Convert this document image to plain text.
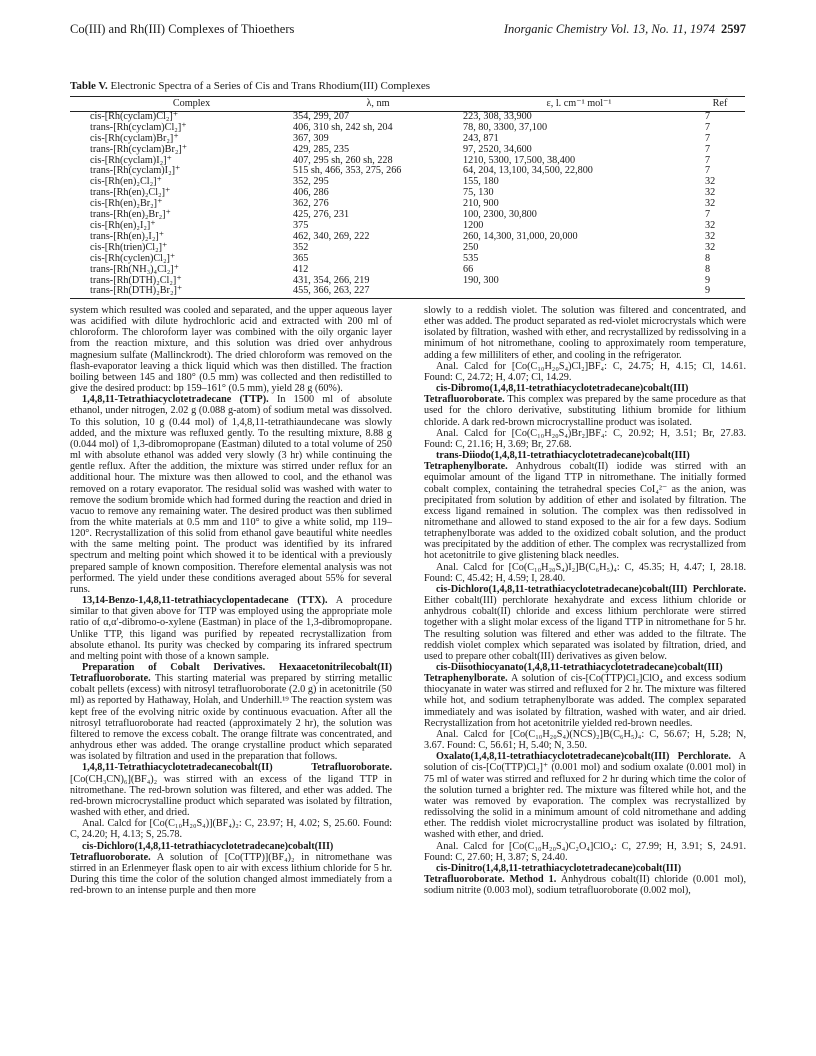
Co(III) and Rh(III) Complexes of Thioethers	Inorganic Chemistry Vol. 13, No. 11, 1974 2597
Table V. Electronic Spectra of a Series of Cis and Trans Rhodium(III) Complexes
Complex	λ, nm	ε, l. cm⁻¹ mol⁻¹	Ref
cis-[Rh(cyclam)Cl₂]⁺	354, 299, 207	223, 308, 33,900	7
trans-[Rh(cyclam)Cl₂]⁺	406, 310 sh, 242 sh, 204	78, 80, 3300, 37,100	7
cis-[Rh(cyclam)Br₂]⁺	367, 309	243, 871	7
trans-[Rh(cyclam)Br₂]⁺	429, 285, 235	97, 2520, 34,600	7
cis-[Rh(cyclam)I₂]⁺	407, 295 sh, 260 sh, 228	1210, 5300, 17,500, 38,400	7
trans-[Rh(cyclam)I₂]⁺	515 sh, 466, 353, 275, 266	64, 204, 13,100, 34,500, 22,800	7
cis-[Rh(en)₂Cl₂]⁺	352, 295	155, 180	32
trans-[Rh(en)₂Cl₂]⁺	406, 286	75, 130	32
cis-[Rh(en)₂Br₂]⁺	362, 276	210, 900	32
trans-[Rh(en)₂Br₂]⁺	425, 276, 231	100, 2300, 30,800	7
cis-[Rh(en)₂I₂]⁺	375	1200	32
trans-[Rh(en)₂I₂]⁺	462, 340, 269, 222	260, 14,300, 31,000, 20,000	32
cis-[Rh(trien)Cl₂]⁺	352	250	32
cis-[Rh(cyclen)Cl₂]⁺	365	535	8
trans-[Rh(NH₃)₄Cl₂]⁺	412	66	8
trans-[Rh(DTH)₂Cl₂]⁺	431, 354, 266, 219	190, 300	9
trans-[Rh(DTH)₂Br₂]⁺	455, 366, 263, 227		9

system which resulted was cooled and separated, and the upper aqueous layer was acidified with dilute hydrochloric acid and extracted with 200 ml of chloroform. The chloroform layer was combined with the oily organic layer from the reaction mixture, and this solution was dried over anhydrous magnesium sulfate (Mallinckrodt). The dried chloroform was removed on the flash-evaporator leaving a thick liquid which was then distilled. The fraction boiling between 145 and 180° (0.5 mm) was collected and then redistilled to give the desired product: bp 159–161° (0.5 mm), yield 28 g (60%).

1,4,8,11-Tetrathiacyclotetradecane (TTP). In 1500 ml of absolute ethanol, under nitrogen, 2.02 g (0.088 g-atom) of sodium metal was dissolved. To this solution, 10 g (0.44 mol) of 1,4,8,11-tetrathiaundecane was slowly added, and the mixture was refluxed gently. To the resulting mixture, 8.88 g (0.044 mol) of 1,3-dibromopropane (Eastman) diluted to a total volume of 250 ml with absolute ethanol was added very slowly (3 hr) while continuing the gentle reflux. After the addition, the mixture was stirred under reflux for an additional hour. The mixture was then allowed to cool, and the ethanol was removed on a rotary evaporator. The residual solid was washed with water to remove the sodium bromide which had formed during the reaction and dried in vacuo to remove any remaining water. The desired product was then sublimed from the white materials at 0.5 mm and 110° to give a white solid, mp 119–120°. Recrystallization of this solid from ethanol gave beautiful white needles with the same melting point. The product was identified by its infrared spectrum and melting point which showed it to be identical with a previously prepared sample of known composition. Therefore elemental analysis was not performed. The yield under these conditions averaged about 55% for several runs.

13,14-Benzo-1,4,8,11-tetrathiacyclopentadecane (TTX). A procedure similar to that given above for TTP was employed using the appropriate mole ratio of α,α′-dibromo-o-xylene (Eastman) in place of the 1,3-dibromopropane. Unlike TTP, this ligand was purified by repeated recrystallization from absolute ethanol. Its purity was checked by comparing its infrared spectrum and melting point with those of a known sample.

Preparation of Cobalt Derivatives. Hexaacetonitrilecobalt(II) Tetrafluoroborate. This starting material was prepared by stirring metallic cobalt pellets (excess) with nitrosyl tetrafluoroborate (2.0 g) in acetonitrile (50 ml) as reported by Hathaway, Holah, and Underhill.¹⁹ The reaction system was kept free of the evolving nitric oxide by continuous evacuation. After all the nitrosyl tetrafluoroborate had reacted (approximately 2 hr), the solution was filtered to remove the excess cobalt. The orange filtrate was concentrated, and anhydrous ether was added. The orange crystalline product which separated was isolated by filtration and used in the preparation that follows.

1,4,8,11-Tetrathiacyclotetradecanecobalt(II) Tetrafluoroborate. [Co(CH₃CN)₆](BF₄)₂ was stirred with an excess of the ligand TTP in nitromethane. The red-brown solution was filtered, and ether was added. The red-brown microcrystalline product which separated was isolated by filtration, washed with ether, and dried.

Anal. Calcd for [Co(C₁₀H₂₀S₄)](BF₄)₂: C, 23.97; H, 4.02; S, 25.60. Found: C, 24.20; H, 4.13; S, 25.78.

cis-Dichloro(1,4,8,11-tetrathiacyclotetradecane)cobalt(III) Tetrafluoroborate. A solution of [Co(TTP)](BF₄)₂ in nitromethane was stirred in an Erlenmeyer flask open to air with excess lithium chloride for 5 hr. During this time the color of the solution changed almost immediately from a red-brown to an intense purple and then more

slowly to a reddish violet. The solution was filtered and concentrated, and ether was added. The product separated as red-violet microcrystals which were isolated by filtration, washed with ether, and recrystallized by redissolving in a minimum of hot nitromethane, cooling to approximately room temperature, adding a few milliliters of ether, and cooling in the refrigerator.

Anal. Calcd for [Co(C₁₀H₂₀S₄)Cl₂]BF₄: C, 24.75; H, 4.15; Cl, 14.61. Found: C, 24.72; H, 4.07; Cl, 14.29.

cis-Dibromo(1,4,8,11-tetrathiacyclotetradecane)cobalt(III) Tetrafluoroborate. This complex was prepared by the same procedure as that used for the chloro derivative, substituting lithium bromide for lithium chloride. A dark red-brown microcrystalline product was isolated.

Anal. Calcd for [Co(C₁₀H₂₀S₄)Br₂]BF₄: C, 20.92; H, 3.51; Br, 27.83. Found: C, 21.16; H, 3.69; Br, 27.68.

trans-Diiodo(1,4,8,11-tetrathiacyclotetradecane)cobalt(III) Tetraphenylborate. Anhydrous cobalt(II) iodide was stirred with an equimolar amount of the ligand TTP in nitromethane. The initially formed cobalt complex, containing the tetrahedral species CoI₄²⁻ as the anion, was precipitated from solution by addition of ether and isolated by filtration. The excess ligand remained in solution. The complex was then redissolved in nitromethane and allowed to stand exposed to the air for a few days. Sodium tetraphenylborate was added to the oxidized cobalt solution, and the product was precipitated by the addition of ether. The complex was recrystallized from hot acetonitrile to give glistening black needles.

Anal. Calcd for [Co(C₁₀H₂₀S₄)I₂]B(C₆H₅)₄: C, 45.35; H, 4.47; I, 28.18. Found: C, 45.42; H, 4.59; I, 28.40.

cis-Dichloro(1,4,8,11-tetrathiacyclotetradecane)cobalt(III) Perchlorate. Either cobalt(III) perchlorate hexahydrate and excess lithium chloride or anhydrous cobalt(II) chloride and excess lithium perchlorate were stirred together with a slight molar excess of the ligand TTP in nitromethane for 5 hr. The resulting solution was filtered and ether was added to the filtrate. The reddish violet complex which separated was isolated by filtration, dried, and used to prepare other cobalt(III) derivatives as given below.

cis-Diisothiocyanato(1,4,8,11-tetrathiacyclotetradecane)cobalt(III) Tetraphenylborate. A solution of cis-[Co(TTP)Cl₂]ClO₄ and excess sodium thiocyanate in water was stirred and refluxed for 2 hr. The mixture was filtered while hot, and sodium tetraphenylborate was added. The complex separated immediately and was isolated by filtration, washed with water, and air dried. Recrystallization from hot acetonitrile yielded red-brown needles.

Anal. Calcd for [Co(C₁₀H₂₀S₄)(NCS)₂]B(C₆H₅)₄: C, 56.67; H, 5.28; N, 3.67. Found: C, 56.61; H, 5.40; N, 3.50.

Oxalato(1,4,8,11-tetrathiacyclotetradecane)cobalt(III) Perchlorate. A solution of cis-[Co(TTP)Cl₂]⁺ (0.001 mol) and sodium oxalate (0.001 mol) in 75 ml of water was stirred and refluxed for 2 hr during which time the color of the solution turned a brighter red. The mixture was filtered while hot, and the water was removed by evaporation. The complex was recrystallized by redissolving the solid in a minimum amount of cold nitromethane and adding ether. The reddish violet microcrystalline product was isolated by filtration, washed with ether, and dried.

Anal. Calcd for [Co(C₁₀H₂₀S₄)C₂O₄]ClO₄: C, 27.99; H, 3.91; S, 24.91. Found: C, 27.60; H, 3.87; S, 24.40.

cis-Dinitro(1,4,8,11-tetrathiacyclotetradecane)cobalt(III) Tetrafluoroborate. Method 1. Anhydrous cobalt(II) chloride (0.001 mol), sodium nitrite (0.003 mol), sodium tetrafluoroborate (0.002 mol),
